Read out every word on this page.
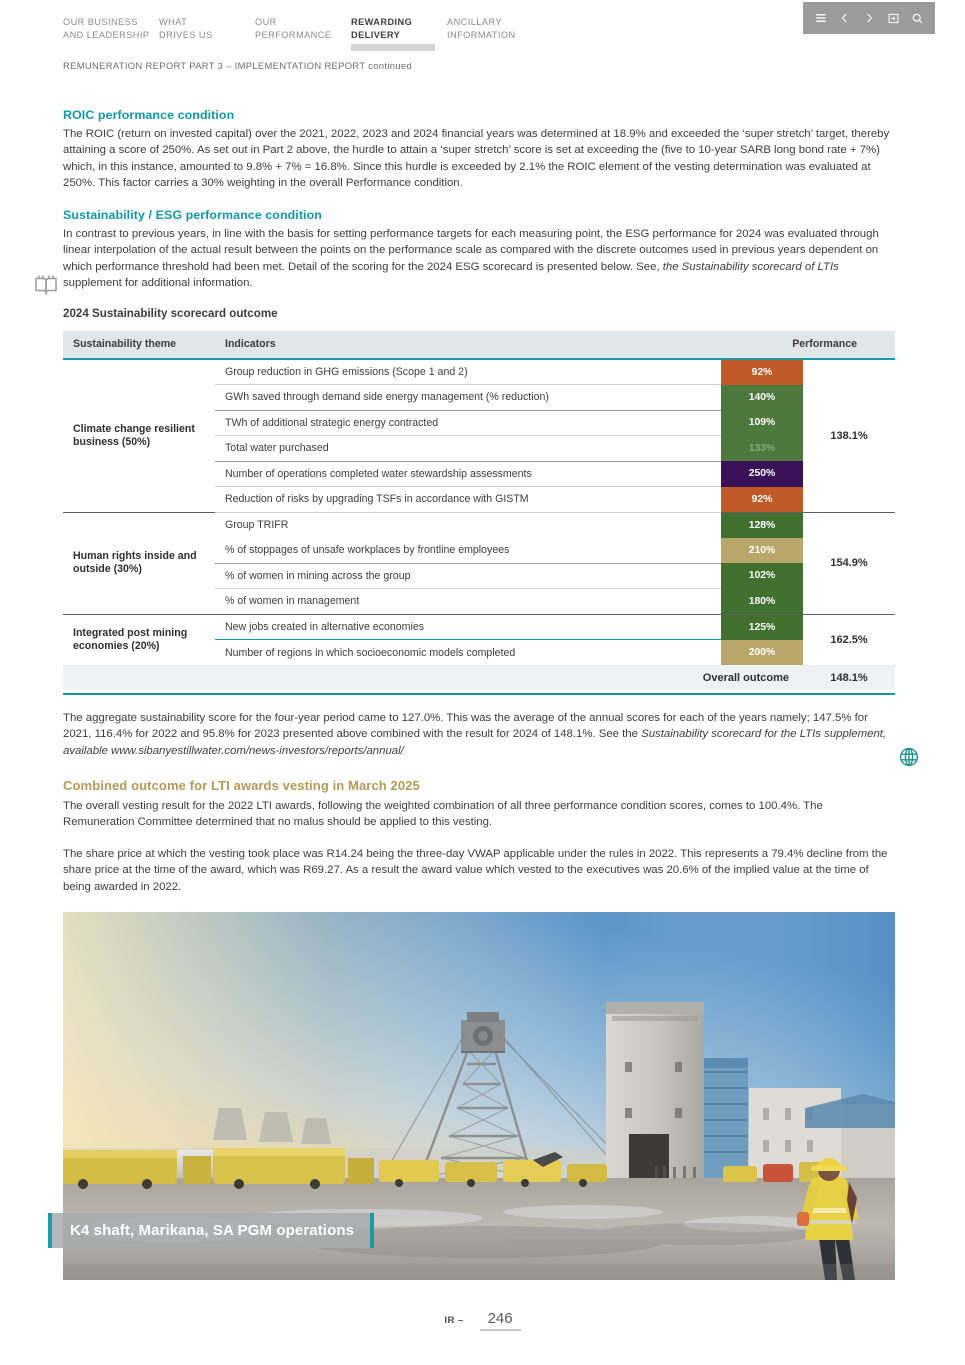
OUR BUSINESS
AND LEADERSHIP
WHAT
DRIVES US
OUR
PERFORMANCE
REWARDING
DELIVERY
ANCILLARY
INFORMATION
REMUNERATION REPORT PART 3 – IMPLEMENTATION REPORT continued
ROIC performance condition

The ROIC (return on invested capital) over the 2021, 2022, 2023 and 2024 financial years was determined at 18.9% and exceeded the ‘super stretch’ target, thereby attaining a score of 250%. As set out in Part 2 above, the hurdle to attain a ‘super stretch’ score is set at exceeding the (five to 10-year SARB long bond rate + 7%) which, in this instance, amounted to 9.8% + 7% = 16.8%. Since this hurdle is exceeded by 2.1% the ROIC element of the vesting determination was evaluated at 250%. This factor carries a 30% weighting in the overall Performance condition.

Sustainability / ESG performance condition

In contrast to previous years, in line with the basis for setting performance targets for each measuring point, the ESG performance for 2024 was evaluated through linear interpolation of the actual result between the points on the performance scale as compared with the discrete outcomes used in previous years dependent on which performance threshold had been met. Detail of the scoring for the 2024 ESG scorecard is presented below. See, the Sustainability scorecard of LTIs supplement for additional information.

2024 Sustainability scorecard outcome
Sustainability theme	Indicators	Performance	
Climate change resilient business (50%)	Group reduction in GHG emissions (Scope 1 and 2)	92%	138.1%
	GWh saved through demand side energy management (% reduction)	140%	
	TWh of additional strategic energy contracted	109%	
	Total water purchased	133%	
	Number of operations completed water stewardship assessments	250%	
	Reduction of risks by upgrading TSFs in accordance with GISTM	92%	
Human rights inside and outside (30%)	Group TRIFR	128%	154.9%
	% of stoppages of unsafe workplaces by frontline employees	210%	
	% of women in mining across the group	102%	
	% of women in management	180%	
Integrated post mining economies (20%)	New jobs created in alternative economies	125%	162.5%
	Number of regions in which socioeconomic models completed	200%	
	Overall outcome		148.1%

The aggregate sustainability score for the four-year period came to 127.0%. This was the average of the annual scores for each of the years namely; 147.5% for 2021, 116.4% for 2022 and 95.8% for 2023 presented above combined with the result for 2024 of 148.1%. See the Sustainability scorecard for the LTIs supplement, available www.sibanyestillwater.com/news-investors/reports/annual/

Combined outcome for LTI awards vesting in March 2025

The overall vesting result for the 2022 LTI awards, following the weighted combination of all three performance condition scores, comes to 100.4%. The Remuneration Committee determined that no malus should be applied to this vesting.

The share price at which the vesting took place was R14.24 being the three-day VWAP applicable under the rules in 2022. This represents a 79.4% decline from the share price at the time of the award, which was R69.27. As a result the award value which vested to the executives was 20.6% of the implied value at the time of being awarded in 2022.

K4 shaft, Marikana, SA PGM operations
IR –	246
